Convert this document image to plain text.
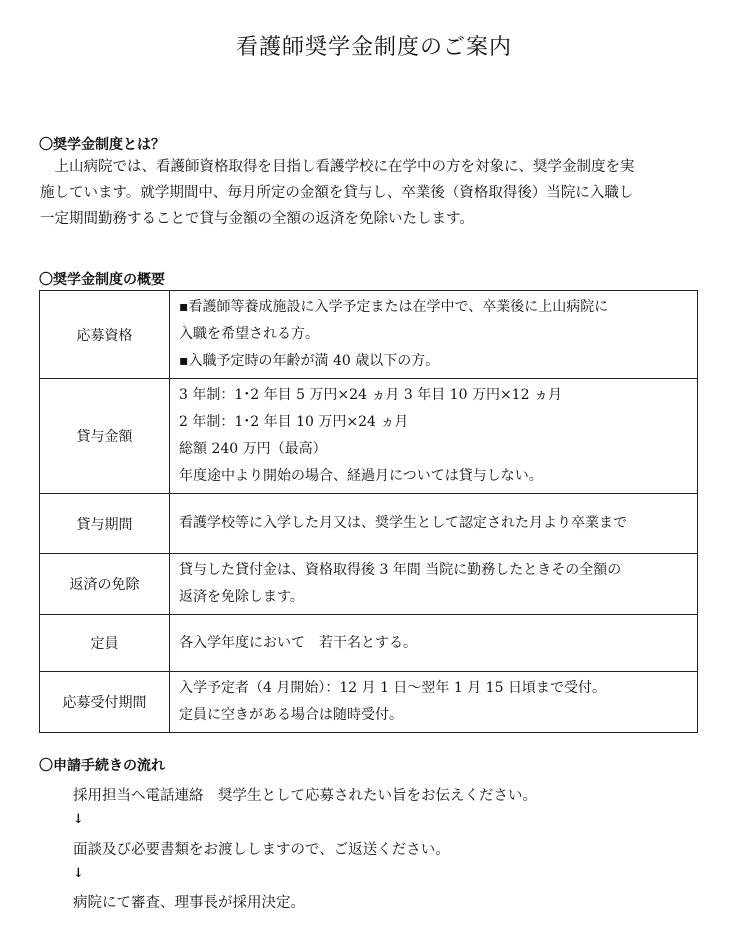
看護師奨学金制度のご案内
〇奨学金制度とは？
　上山病院では、看護師資格取得を目指し看護学校に在学中の方を対象に、奨学金制度を実
施しています。就学期間中、毎月所定の金額を貸与し、卒業後（資格取得後）当院に入職し
一定期間勤務することで貸与金額の全額の返済を免除いたします。
〇奨学金制度の概要
応募資格	▪看護師等養成施設に入学予定または在学中で、卒業後に上山病院に
入職を希望される方。
▪入職予定時の年齢が満 40 歳以下の方。

貸与金額	3 年制：1･2 年目 5 万円×24 ヵ月 3 年目 10 万円×12 ヵ月
2 年制：1･2 年目 10 万円×24 ヵ月
総額 240 万円（最高）
年度途中より開始の場合、経過月については貸与しない。

貸与期間	看護学校等に入学した月又は、奨学生として認定された月より卒業まで

返済の免除	貸与した貸付金は、資格取得後 3 年間 当院に勤務したときその全額の
返済を免除します。

定員	各入学年度において　若干名とする。

応募受付期間	入学予定者（4 月開始）：12 月 1 日〜翌年 1 月 15 日頃まで受付。
定員に空きがある場合は随時受付。
〇申請手続きの流れ
採用担当へ電話連絡　奨学生として応募されたい旨をお伝えください。
↓
面談及び必要書類をお渡ししますので、ご返送ください。
↓
病院にて審査、理事長が採用決定。
